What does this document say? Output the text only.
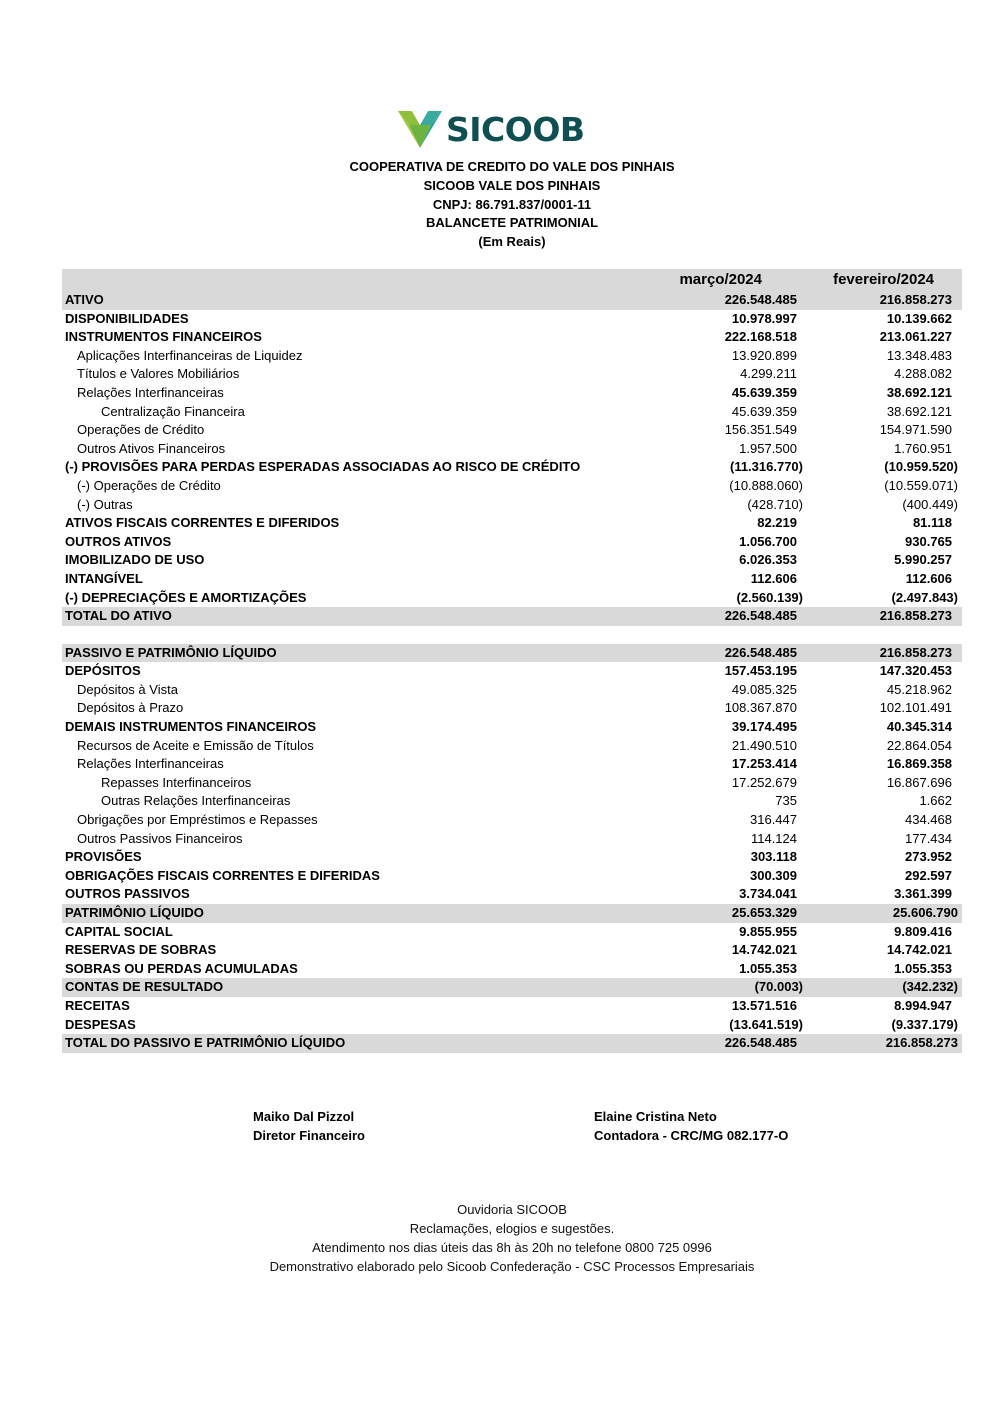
SICOOB
COOPERATIVA DE CREDITO DO VALE DOS PINHAIS
SICOOB VALE DOS PINHAIS
CNPJ: 86.791.837/0001-11
BALANCETE PATRIMONIAL
(Em Reais)
março/2024	fevereiro/2024
ATIVO	226.548.485	216.858.273
DISPONIBILIDADES	10.978.997	10.139.662
INSTRUMENTOS FINANCEIROS	222.168.518	213.061.227
Aplicações Interfinanceiras de Liquidez	13.920.899	13.348.483
Títulos e Valores Mobiliários	4.299.211	4.288.082
Relações Interfinanceiras	45.639.359	38.692.121
Centralização Financeira	45.639.359	38.692.121
Operações de Crédito	156.351.549	154.971.590
Outros Ativos Financeiros	1.957.500	1.760.951
(-) PROVISÕES PARA PERDAS ESPERADAS ASSOCIADAS AO RISCO DE CRÉDITO	(11.316.770)	(10.959.520)
(-) Operações de Crédito	(10.888.060)	(10.559.071)
(-) Outras	(428.710)	(400.449)
ATIVOS FISCAIS CORRENTES E DIFERIDOS	82.219	81.118
OUTROS ATIVOS	1.056.700	930.765
IMOBILIZADO DE USO	6.026.353	5.990.257
INTANGÍVEL	112.606	112.606
(-) DEPRECIAÇÕES E AMORTIZAÇÕES	(2.560.139)	(2.497.843)
TOTAL DO ATIVO	226.548.485	216.858.273
PASSIVO E PATRIMÔNIO LÍQUIDO	226.548.485	216.858.273
DEPÓSITOS	157.453.195	147.320.453
Depósitos à Vista	49.085.325	45.218.962
Depósitos à Prazo	108.367.870	102.101.491
DEMAIS INSTRUMENTOS FINANCEIROS	39.174.495	40.345.314
Recursos de Aceite e Emissão de Títulos	21.490.510	22.864.054
Relações Interfinanceiras	17.253.414	16.869.358
Repasses Interfinanceiros	17.252.679	16.867.696
Outras Relações Interfinanceiras	735	1.662
Obrigações por Empréstimos e Repasses	316.447	434.468
Outros Passivos Financeiros	114.124	177.434
PROVISÕES	303.118	273.952
OBRIGAÇÕES FISCAIS CORRENTES E DIFERIDAS	300.309	292.597
OUTROS PASSIVOS	3.734.041	3.361.399
PATRIMÔNIO LÍQUIDO	25.653.329	25.606.790
CAPITAL SOCIAL	9.855.955	9.809.416
RESERVAS DE SOBRAS	14.742.021	14.742.021
SOBRAS OU PERDAS ACUMULADAS	1.055.353	1.055.353
CONTAS DE RESULTADO	(70.003)	(342.232)
RECEITAS	13.571.516	8.994.947
DESPESAS	(13.641.519)	(9.337.179)
TOTAL DO PASSIVO E PATRIMÔNIO LÍQUIDO	226.548.485	216.858.273
Maiko Dal Pizzol
Diretor Financeiro
Elaine Cristina Neto
Contadora - CRC/MG 082.177-O
Ouvidoria SICOOB
Reclamações, elogios e sugestões.
Atendimento nos dias úteis das 8h às 20h no telefone 0800 725 0996
Demonstrativo elaborado pelo Sicoob Confederação - CSC Processos Empresariais
